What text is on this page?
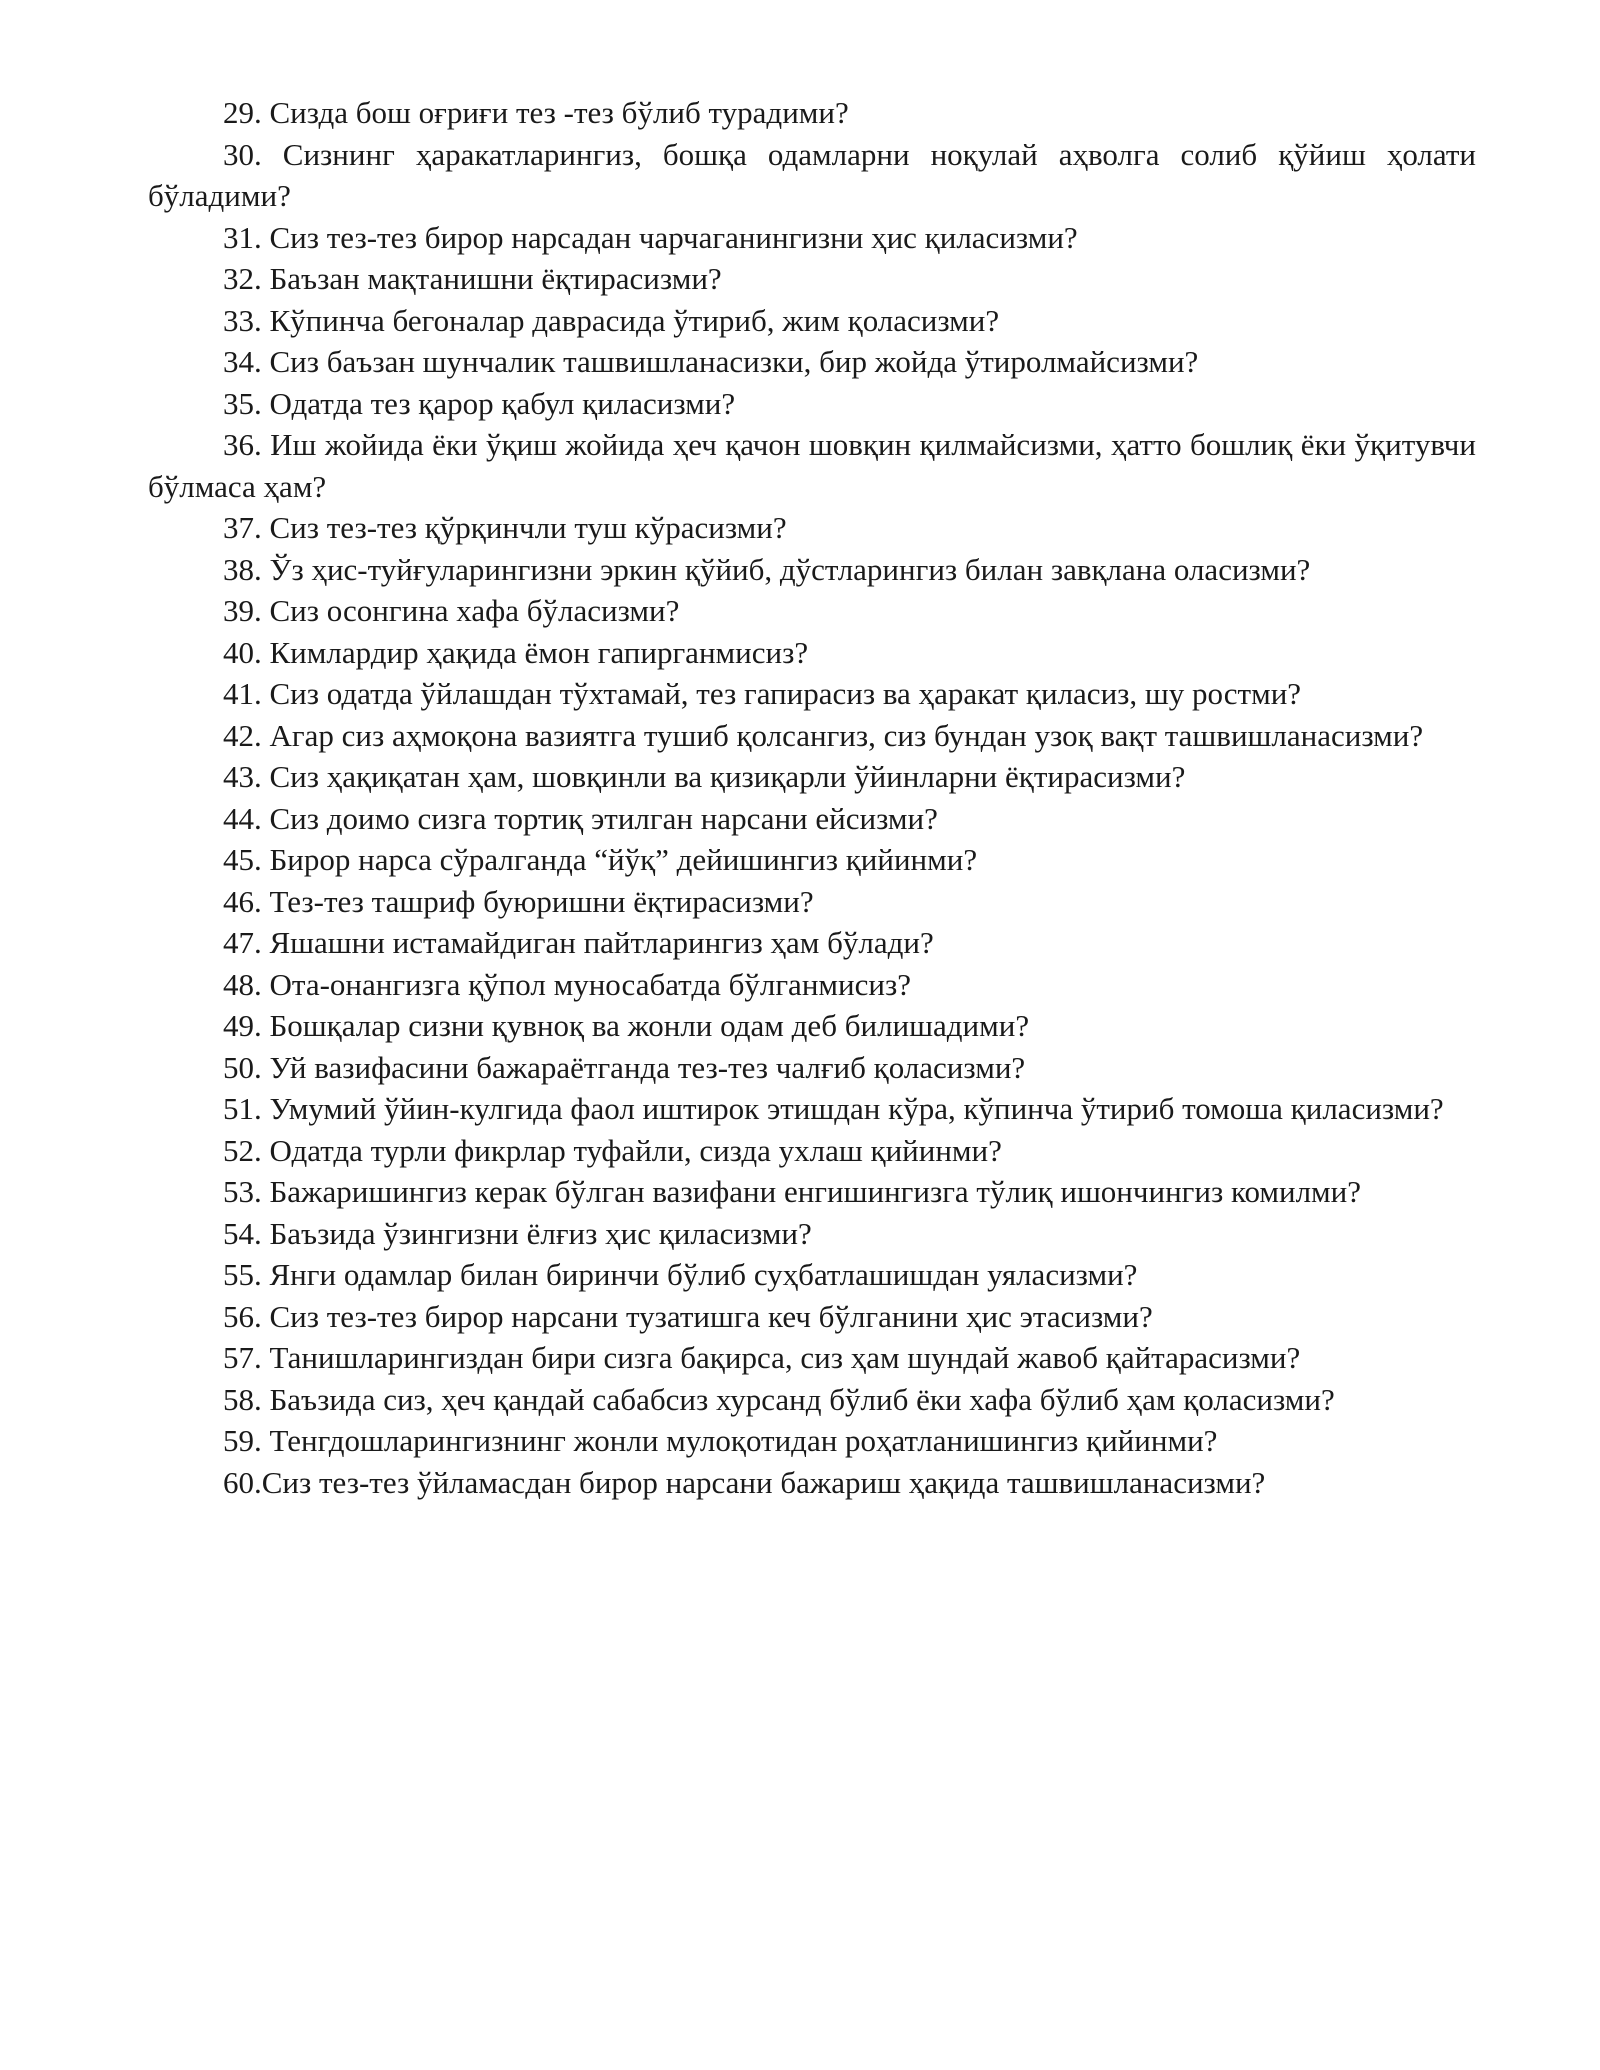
29. Сизда бош оғриғи тез -тез бўлиб турадими?

30. Сизнинг ҳаракатларингиз, бошқа одамларни ноқулай аҳволга солиб қўйиш ҳолати бўладими?

31. Сиз тез-тез бирор нарсадан чарчаганингизни ҳис қиласизми?

32. Баъзан мақтанишни ёқтирасизми?

33. Кўпинча бегоналар даврасида ўтириб, жим қоласизми?

34. Сиз баъзан шунчалик ташвишланасизки, бир жойда ўтиролмайсизми?

35. Одатда тез қарор қабул қиласизми?

36. Иш жойида ёки ўқиш жойида ҳеч қачон шовқин қилмайсизми, ҳатто бошлиқ ёки ўқитувчи бўлмаса ҳам?

37. Сиз тез-тез қўрқинчли туш кўрасизми?

38. Ўз ҳис-туйғуларингизни эркин қўйиб, дўстларингиз билан завқлана оласизми?

39. Сиз осонгина хафа бўласизми?

40. Кимлардир ҳақида ёмон гапирганмисиз?

41. Сиз одатда ўйлашдан тўхтамай, тез гапирасиз ва ҳаракат қиласиз, шу ростми?

42. Агар сиз аҳмоқона вазиятга тушиб қолсангиз, сиз бундан узоқ вақт ташвишланасизми?

43. Сиз ҳақиқатан ҳам, шовқинли ва қизиқарли ўйинларни ёқтирасизми?

44. Сиз доимо сизга тортиқ этилган нарсани ейсизми?

45. Бирор нарса сўралганда “йўқ” дейишингиз қийинми?

46. Тез-тез ташриф буюришни ёқтирасизми?

47. Яшашни истамайдиган пайтларингиз ҳам бўлади?

48. Ота-онангизга қўпол муносабатда бўлганмисиз?

49. Бошқалар сизни қувноқ ва жонли одам деб билишадими?

50. Уй вазифасини бажараётганда тез-тез чалғиб қоласизми?

51. Умумий ўйин-кулгида фаол иштирок этишдан кўра, кўпинча ўтириб томоша қиласизми?

52. Одатда турли фикрлар туфайли, сизда ухлаш қийинми?

53. Бажаришингиз керак бўлган вазифани енгишингизга тўлиқ ишончингиз комилми?

54. Баъзида ўзингизни ёлғиз ҳис қиласизми?

55. Янги одамлар билан биринчи бўлиб суҳбатлашишдан уяласизми?

56. Сиз тез-тез бирор нарсани тузатишга кеч бўлганини ҳис этасизми?

57. Танишларингиздан бири сизга бақирса, сиз ҳам шундай жавоб қайтарасизми?

58. Баъзида сиз, ҳеч қандай сабабсиз хурсанд бўлиб ёки хафа бўлиб ҳам қоласизми?

59. Тенгдошларингизнинг жонли мулоқотидан роҳатланишингиз қийинми?

60.Сиз тез-тез ўйламасдан бирор нарсани бажариш ҳақида ташвишланасизми?
